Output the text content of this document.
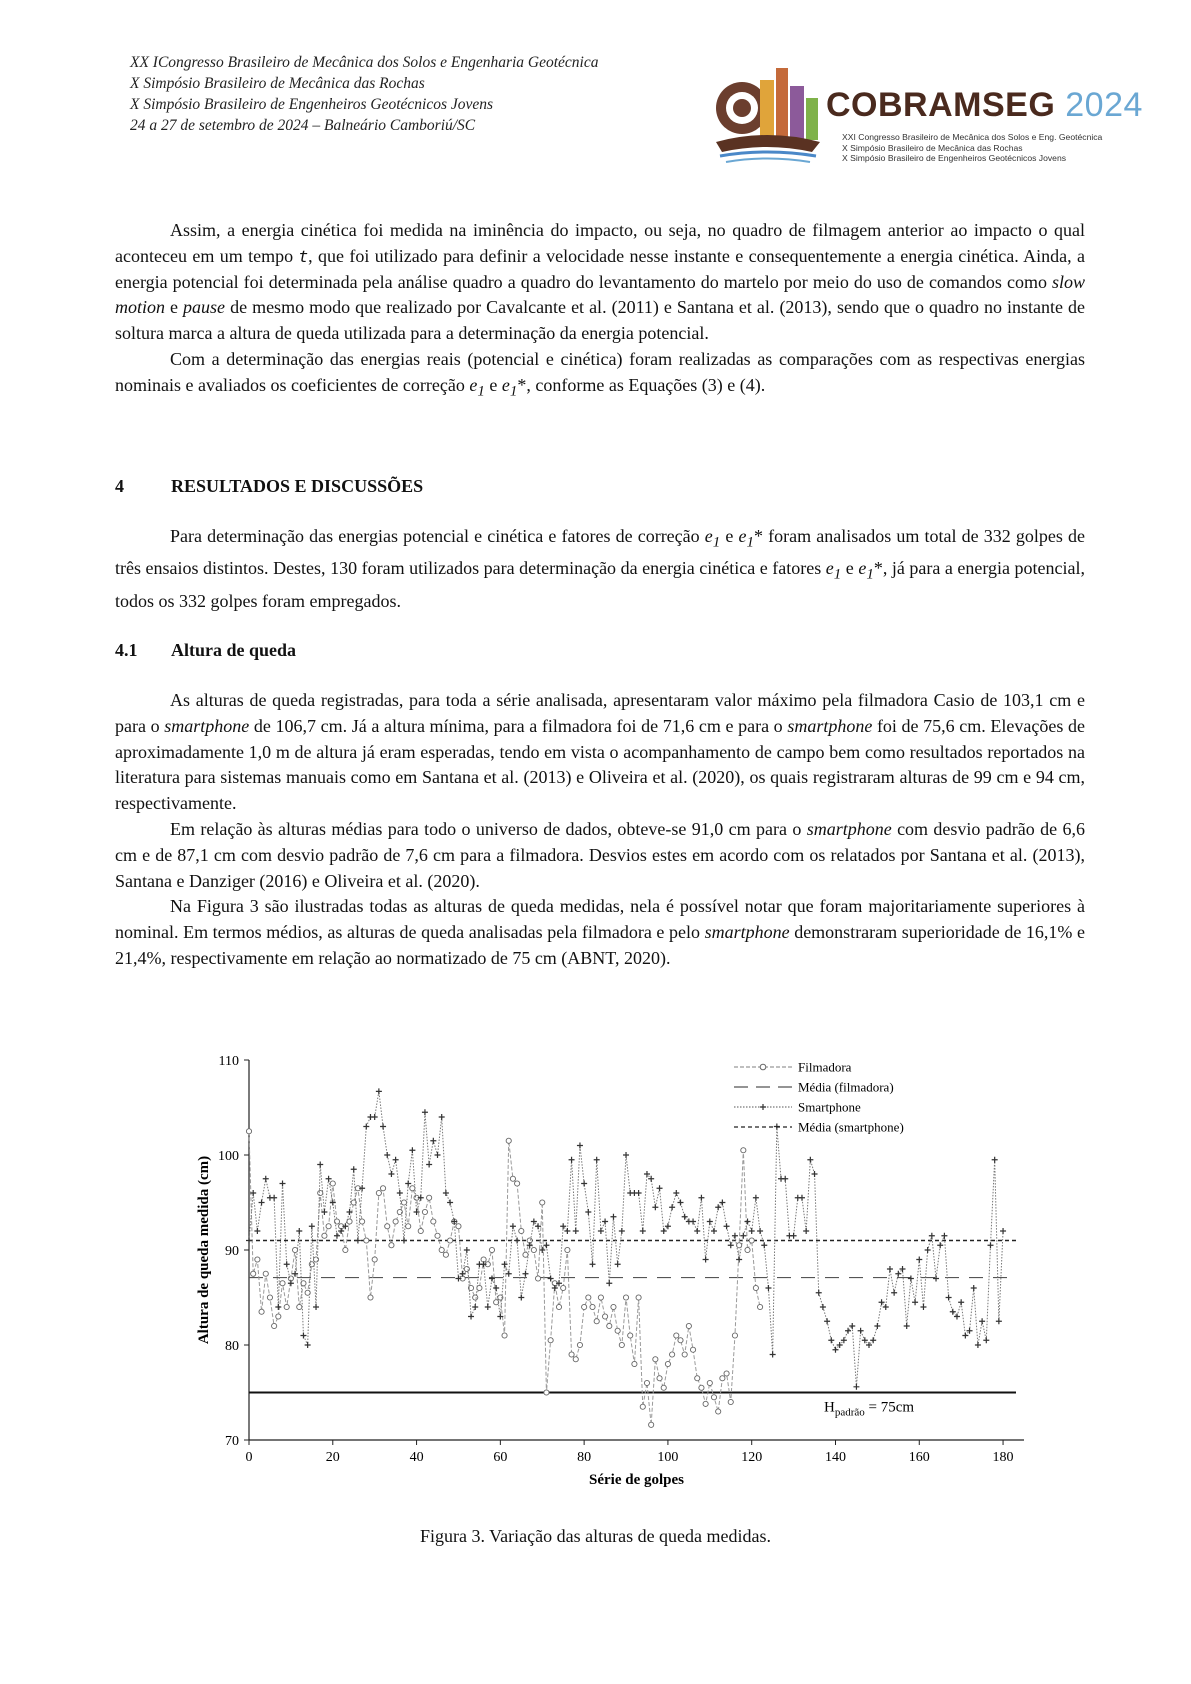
XX ICongresso Brasileiro de Mecânica dos Solos e Engenharia Geotécnica
X Simpósio Brasileiro de Mecânica das Rochas
X Simpósio Brasileiro de Engenheiros Geotécnicos Jovens
24 a 27 de setembro de 2024 – Balneário Camboriú/SC
COBRAMSEG 2024
XXI Congresso Brasileiro de Mecânica dos Solos e Eng. Geotécnica
X Simpósio Brasileiro de Mecânica das Rochas
X Simpósio Brasileiro de Engenheiros Geotécnicos Jovens

Assim, a energia cinética foi medida na iminência do impacto, ou seja, no quadro de filmagem anterior ao impacto o qual aconteceu em um tempo t, que foi utilizado para definir a velocidade nesse instante e consequentemente a energia cinética. Ainda, a energia potencial foi determinada pela análise quadro a quadro do levantamento do martelo por meio do uso de comandos como slow motion e pause de mesmo modo que realizado por Cavalcante et al. (2011) e Santana et al. (2013), sendo que o quadro no instante de soltura marca a altura de queda utilizada para a determinação da energia potencial.

Com a determinação das energias reais (potencial e cinética) foram realizadas as comparações com as respectivas energias nominais e avaliados os coeficientes de correção $e_1$ e $e_1*$, conforme as Equações (3) e (4).

4	RESULTADOS E DISCUSSÕES

Para determinação das energias potencial e cinética e fatores de correção $e_1$ e $e_1*$ foram analisados um total de 332 golpes de três ensaios distintos. Destes, 130 foram utilizados para determinação da energia cinética e fatores $e_1$ e $e_1*$, já para a energia potencial, todos os 332 golpes foram empregados.

4.1 Altura de queda

As alturas de queda registradas, para toda a série analisada, apresentaram valor máximo pela filmadora Casio de 103,1 cm e para o smartphone de 106,7 cm. Já a altura mínima, para a filmadora foi de 71,6 cm e para o smartphone foi de 75,6 cm. Elevações de aproximadamente 1,0 m de altura já eram esperadas, tendo em vista o acompanhamento de campo bem como resultados reportados na literatura para sistemas manuais como em Santana et al. (2013) e Oliveira et al. (2020), os quais registraram alturas de 99 cm e 94 cm, respectivamente.

Em relação às alturas médias para todo o universo de dados, obteve-se 91,0 cm para o smartphone com desvio padrão de 6,6 cm e de 87,1 cm com desvio padrão de 7,6 cm para a filmadora. Desvios estes em acordo com os relatados por Santana et al. (2013), Santana e Danziger (2016) e Oliveira et al. (2020).

Na Figura 3 são ilustradas todas as alturas de queda medidas, nela é possível notar que foram majoritariamente superiores à nominal. Em termos médios, as alturas de queda analisadas pela filmadora e pelo smartphone demonstraram superioridade de 16,1% e 21,4%, respectivamente em relação ao normatizado de 75 cm (ABNT, 2020).

70
80
90
100
110
0	20	40	60	80	100	120	140	160	180
Série de golpes
Altura de queda medida (cm)
Filmadora
Média (filmadora)
Smartphone
Média (smartphone)
$H_{padrão} = 75cm$
Figura 3. Variação das alturas de queda medidas.
